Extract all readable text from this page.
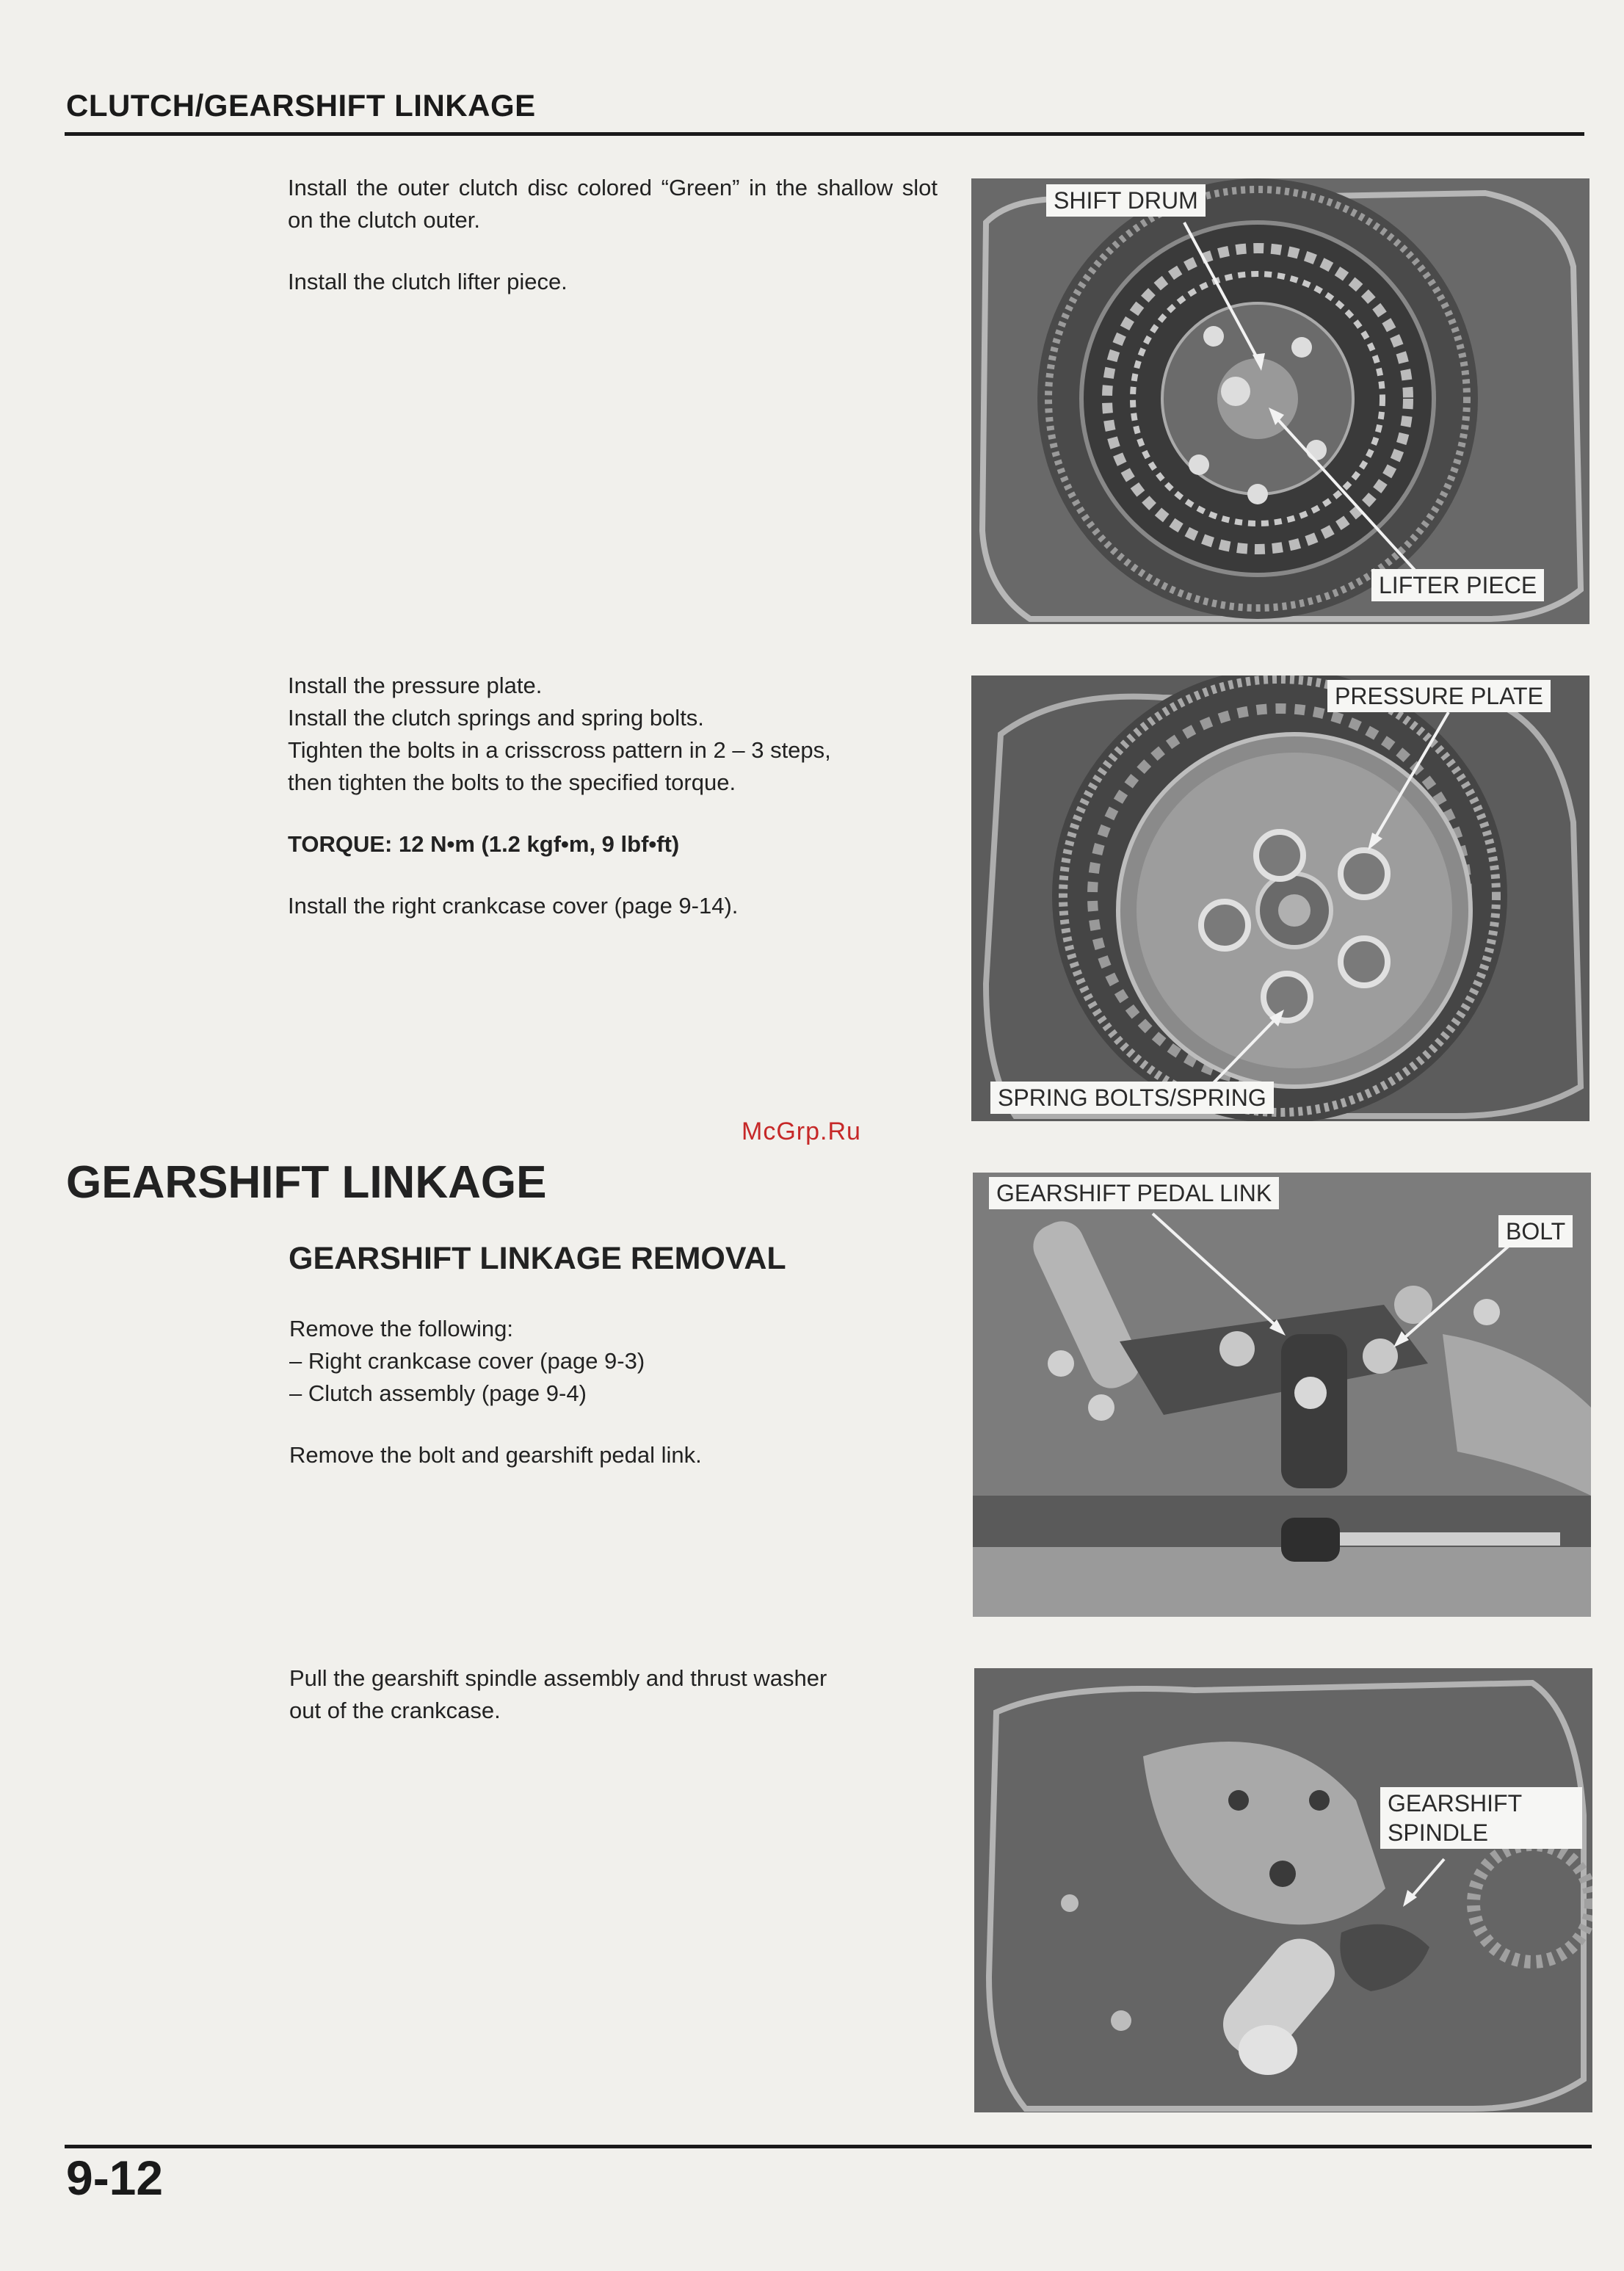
CLUTCH/GEARSHIFT LINKAGE

Install the outer clutch disc colored “Green” in the shallow slot on the clutch outer.

Install the clutch lifter piece.

SHIFT DRUM
LIFTER PIECE

Install the pressure plate.

Install the clutch springs and spring bolts.

Tighten the bolts in a crisscross pattern in 2 – 3 steps,

then tighten the bolts to the specified torque.

TORQUE: 12 N•m (1.2 kgf•m, 9 lbf•ft)

Install the right crankcase cover (page 9-14).

PRESSURE PLATE
SPRING BOLTS/SPRING
McGrp.Ru
GEARSHIFT LINKAGE
GEARSHIFT LINKAGE REMOVAL

Remove the following:

– Right crankcase cover (page 9-3)

– Clutch assembly (page 9-4)

Remove the bolt and gearshift pedal link.

GEARSHIFT PEDAL LINK
BOLT

Pull the gearshift spindle assembly and thrust washer

out of the crankcase.

GEARSHIFT
SPINDLE
9-12
